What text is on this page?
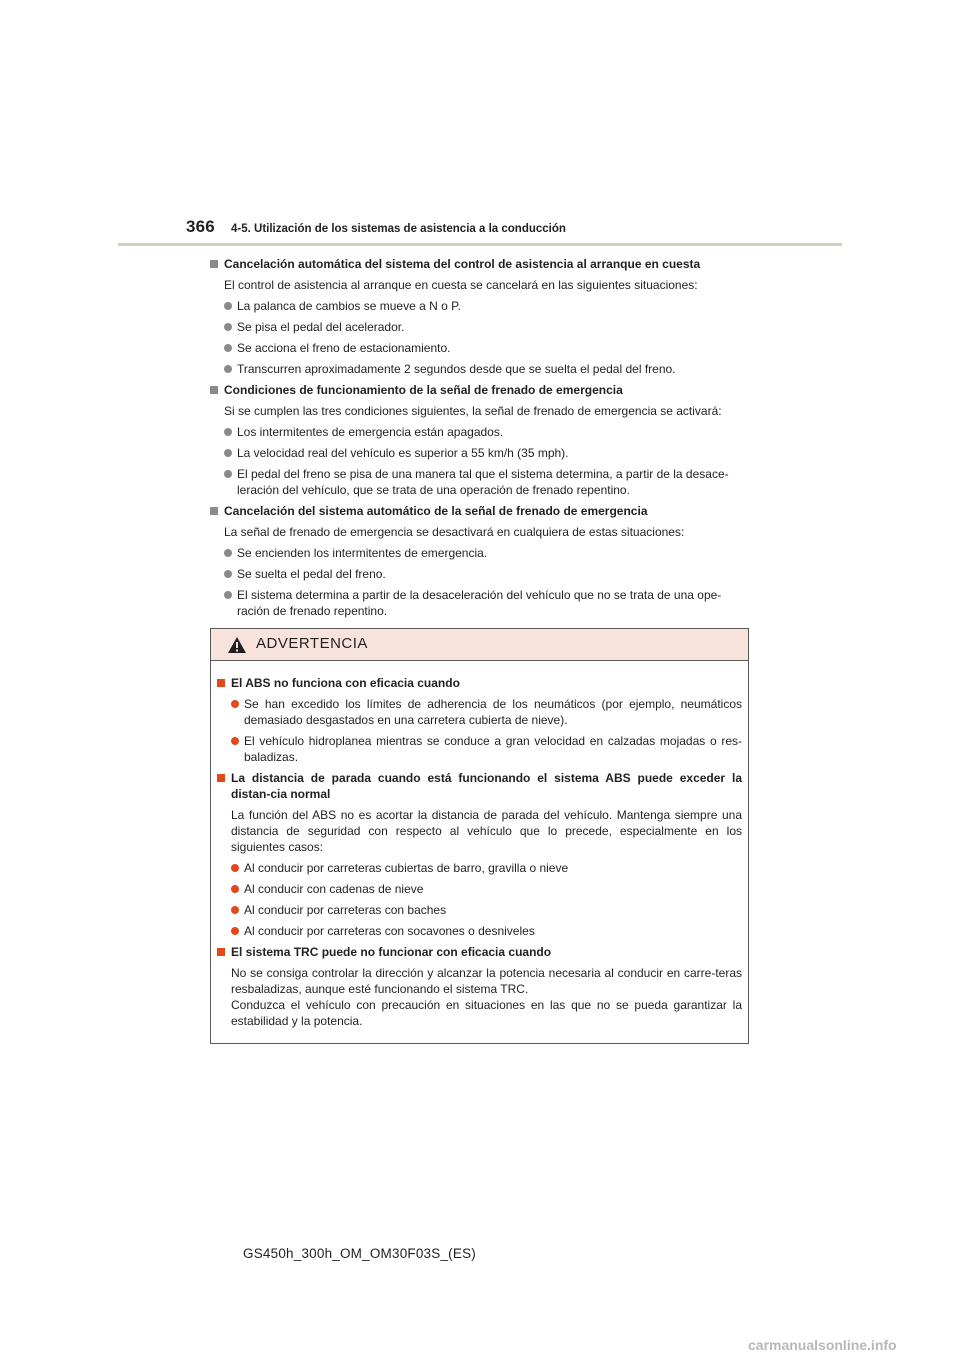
366 4-5. Utilización de los sistemas de asistencia a la conducción
Cancelación automática del sistema del control de asistencia al arranque en cuesta
El control de asistencia al arranque en cuesta se cancelará en las siguientes situaciones:
La palanca de cambios se mueve a N o P.
Se pisa el pedal del acelerador.
Se acciona el freno de estacionamiento.
Transcurren aproximadamente 2 segundos desde que se suelta el pedal del freno.
Condiciones de funcionamiento de la señal de frenado de emergencia
Si se cumplen las tres condiciones siguientes, la señal de frenado de emergencia se activará:
Los intermitentes de emergencia están apagados.
La velocidad real del vehículo es superior a 55 km/h (35 mph).
El pedal del freno se pisa de una manera tal que el sistema determina, a partir de la desace-leración del vehículo, que se trata de una operación de frenado repentino.
Cancelación del sistema automático de la señal de frenado de emergencia
La señal de frenado de emergencia se desactivará en cualquiera de estas situaciones:
Se encienden los intermitentes de emergencia.
Se suelta el pedal del freno.
El sistema determina a partir de la desaceleración del vehículo que no se trata de una ope-ración de frenado repentino.
ADVERTENCIA
El ABS no funciona con eficacia cuando
Se han excedido los límites de adherencia de los neumáticos (por ejemplo, neumáticos demasiado desgastados en una carretera cubierta de nieve).
El vehículo hidroplanea mientras se conduce a gran velocidad en calzadas mojadas o res-baladizas.
La distancia de parada cuando está funcionando el sistema ABS puede exceder la distan-cia normal
La función del ABS no es acortar la distancia de parada del vehículo. Mantenga siempre una distancia de seguridad con respecto al vehículo que lo precede, especialmente en los siguientes casos:
Al conducir por carreteras cubiertas de barro, gravilla o nieve
Al conducir con cadenas de nieve
Al conducir por carreteras con baches
Al conducir por carreteras con socavones o desniveles
El sistema TRC puede no funcionar con eficacia cuando
No se consiga controlar la dirección y alcanzar la potencia necesaria al conducir en carre-teras resbaladizas, aunque esté funcionando el sistema TRC.
Conduzca el vehículo con precaución en situaciones en las que no se pueda garantizar la estabilidad y la potencia.
GS450h_300h_OM_OM30F03S_(ES)
carmanualsonline.info
